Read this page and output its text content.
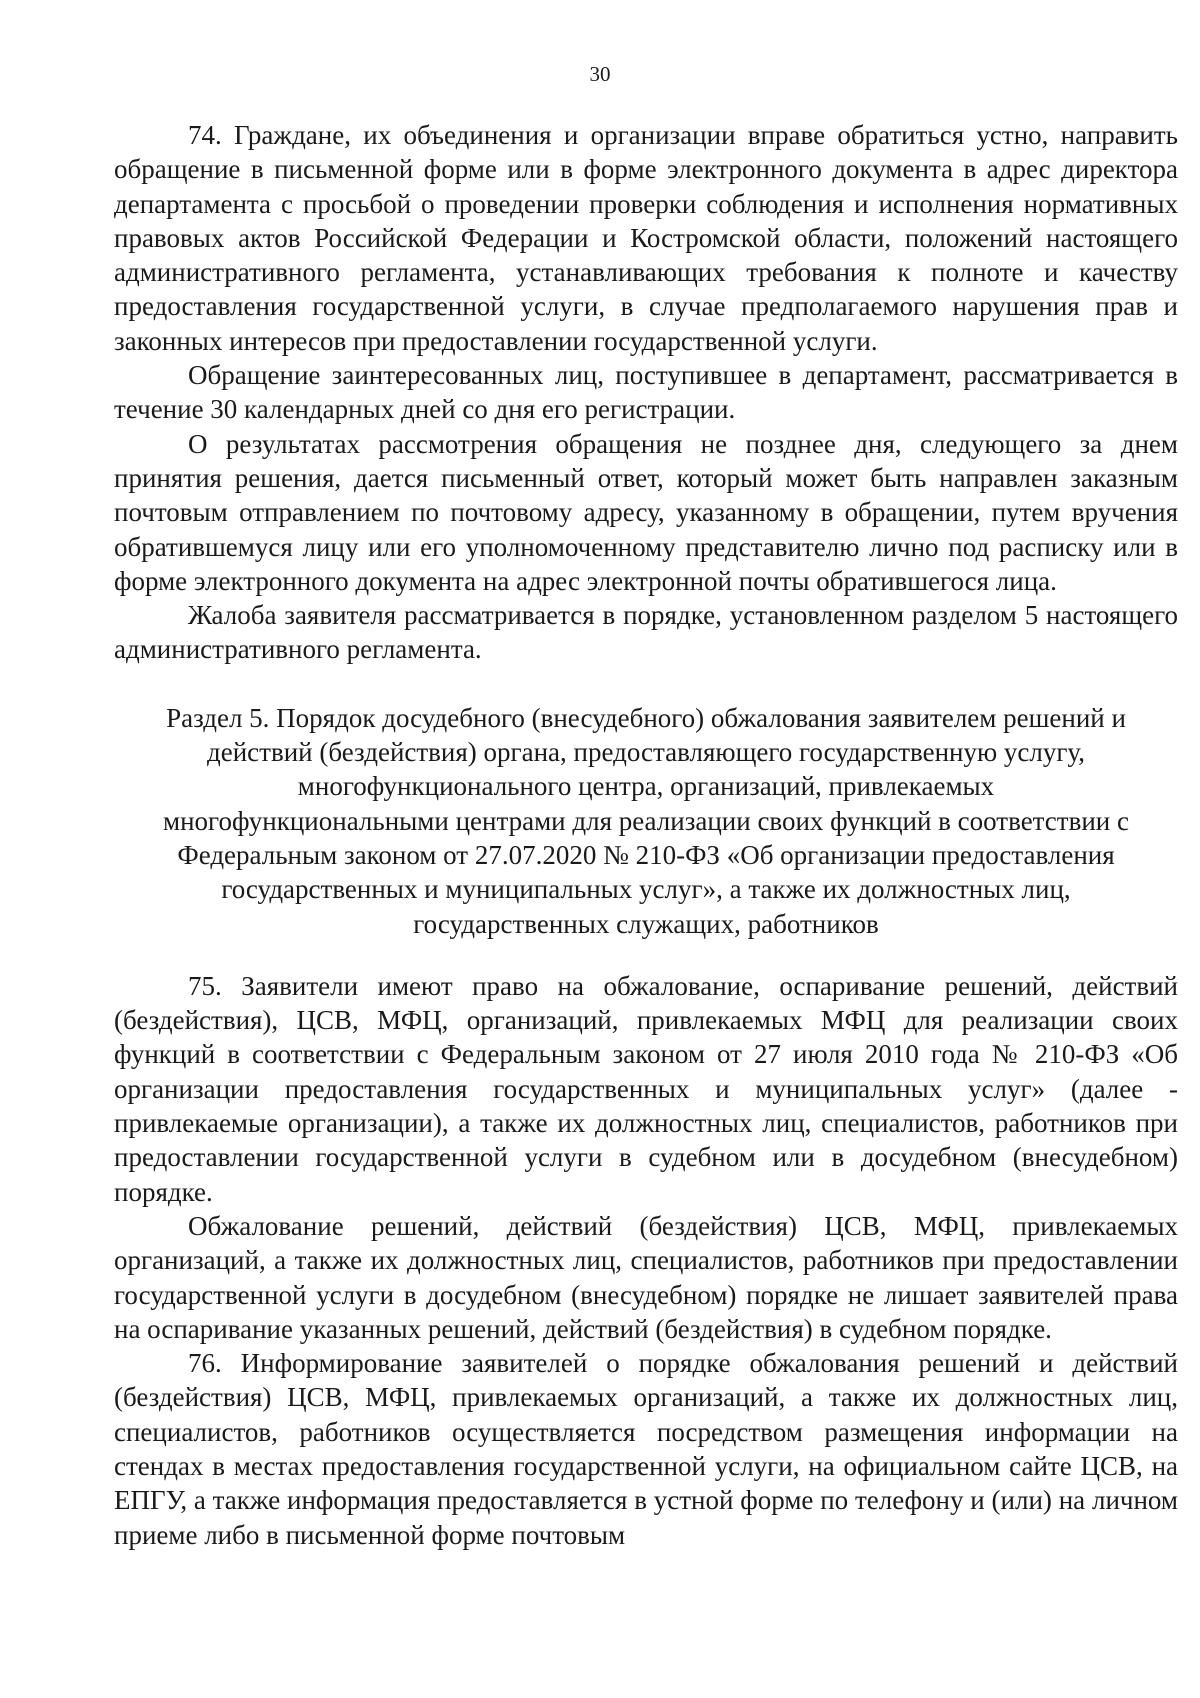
30

74. Граждане, их объединения и организации вправе обратиться устно, направить обращение в письменной форме или в форме электронного документа в адрес директора департамента с просьбой о проведении проверки соблюдения и исполнения нормативных правовых актов Российской Федерации и Костромской области, положений настоящего административного регламента, устанавливающих требования к полноте и качеству предоставления государственной услуги, в случае предполагаемого нарушения прав и законных интересов при предоставлении государственной услуги.

Обращение заинтересованных лиц, поступившее в департамент, рассматривается в течение 30 календарных дней со дня его регистрации.

О результатах рассмотрения обращения не позднее дня, следующего за днем принятия решения, дается письменный ответ, который может быть направлен заказным почтовым отправлением по почтовому адресу, указанному в обращении, путем вручения обратившемуся лицу или его уполномоченному представителю лично под расписку или в форме электронного документа на адрес электронной почты обратившегося лица.

Жалоба заявителя рассматривается в порядке, установленном разделом 5 настоящего административного регламента.

Раздел 5. Порядок досудебного (внесудебного) обжалования заявителем решений и
действий (бездействия) органа, предоставляющего государственную услугу,
многофункционального центра, организаций, привлекаемых
многофункциональными центрами для реализации своих функций в соответствии с
Федеральным законом от 27.07.2020 № 210-ФЗ «Об организации предоставления
государственных и муниципальных услуг», а также их должностных лиц,
государственных служащих, работников

75. Заявители имеют право на обжалование, оспаривание решений, действий (бездействия), ЦСВ, МФЦ, организаций, привлекаемых МФЦ для реализации своих функций в соответствии с Федеральным законом от 27 июля 2010 года № 210-ФЗ «Об организации предоставления государственных и муниципальных услуг» (далее - привлекаемые организации), а также их должностных лиц, специалистов, работников при предоставлении государственной услуги в судебном или в досудебном (внесудебном) порядке.

Обжалование решений, действий (бездействия) ЦСВ, МФЦ, привлекаемых организаций, а также их должностных лиц, специалистов, работников при предоставлении государственной услуги в досудебном (внесудебном) порядке не лишает заявителей права на оспаривание указанных решений, действий (бездействия) в судебном порядке.

76. Информирование заявителей о порядке обжалования решений и действий (бездействия) ЦСВ, МФЦ, привлекаемых организаций, а также их должностных лиц, специалистов, работников осуществляется посредством размещения информации на стендах в местах предоставления государственной услуги, на официальном сайте ЦСВ, на ЕПГУ, а также информация предоставляется в устной форме по телефону и (или) на личном приеме либо в письменной форме почтовым
